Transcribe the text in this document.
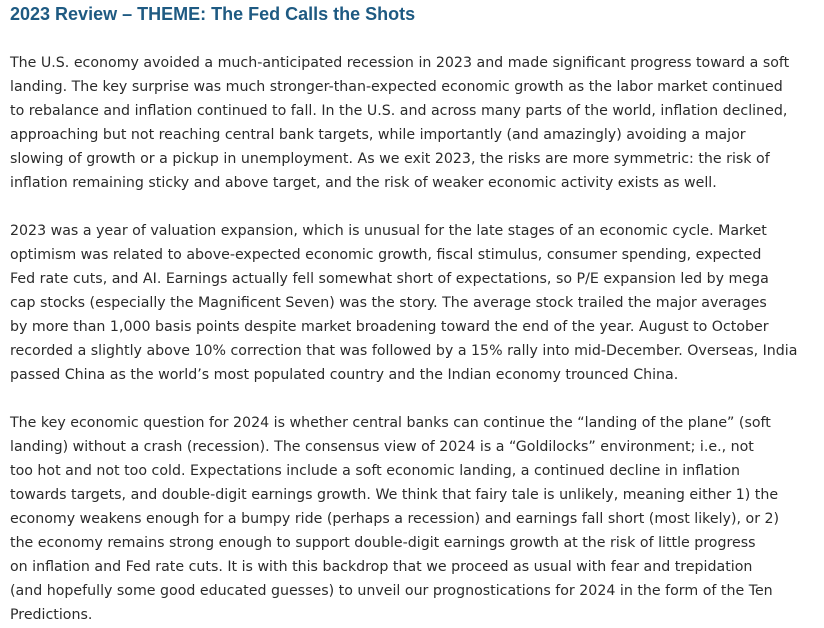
2023 Review – THEME: The Fed Calls the Shots

The U.S. economy avoided a much-anticipated recession in 2023 and made significant progress toward a soft
landing. The key surprise was much stronger-than-expected economic growth as the labor market continued
to rebalance and inflation continued to fall. In the U.S. and across many parts of the world, inflation declined,
approaching but not reaching central bank targets, while importantly (and amazingly) avoiding a major
slowing of growth or a pickup in unemployment. As we exit 2023, the risks are more symmetric: the risk of
inflation remaining sticky and above target, and the risk of weaker economic activity exists as well.

2023 was a year of valuation expansion, which is unusual for the late stages of an economic cycle. Market
optimism was related to above-expected economic growth, fiscal stimulus, consumer spending, expected
Fed rate cuts, and AI. Earnings actually fell somewhat short of expectations, so P/E expansion led by mega
cap stocks (especially the Magnificent Seven) was the story. The average stock trailed the major averages
by more than 1,000 basis points despite market broadening toward the end of the year. August to October
recorded a slightly above 10% correction that was followed by a 15% rally into mid-December. Overseas, India
passed China as the world’s most populated country and the Indian economy trounced China.

The key economic question for 2024 is whether central banks can continue the “landing of the plane” (soft
landing) without a crash (recession). The consensus view of 2024 is a “Goldilocks” environment; i.e., not
too hot and not too cold. Expectations include a soft economic landing, a continued decline in inflation
towards targets, and double-digit earnings growth. We think that fairy tale is unlikely, meaning either 1) the
economy weakens enough for a bumpy ride (perhaps a recession) and earnings fall short (most likely), or 2)
the economy remains strong enough to support double-digit earnings growth at the risk of little progress
on inflation and Fed rate cuts. It is with this backdrop that we proceed as usual with fear and trepidation
(and hopefully some good educated guesses) to unveil our prognostications for 2024 in the form of the Ten
Predictions.
